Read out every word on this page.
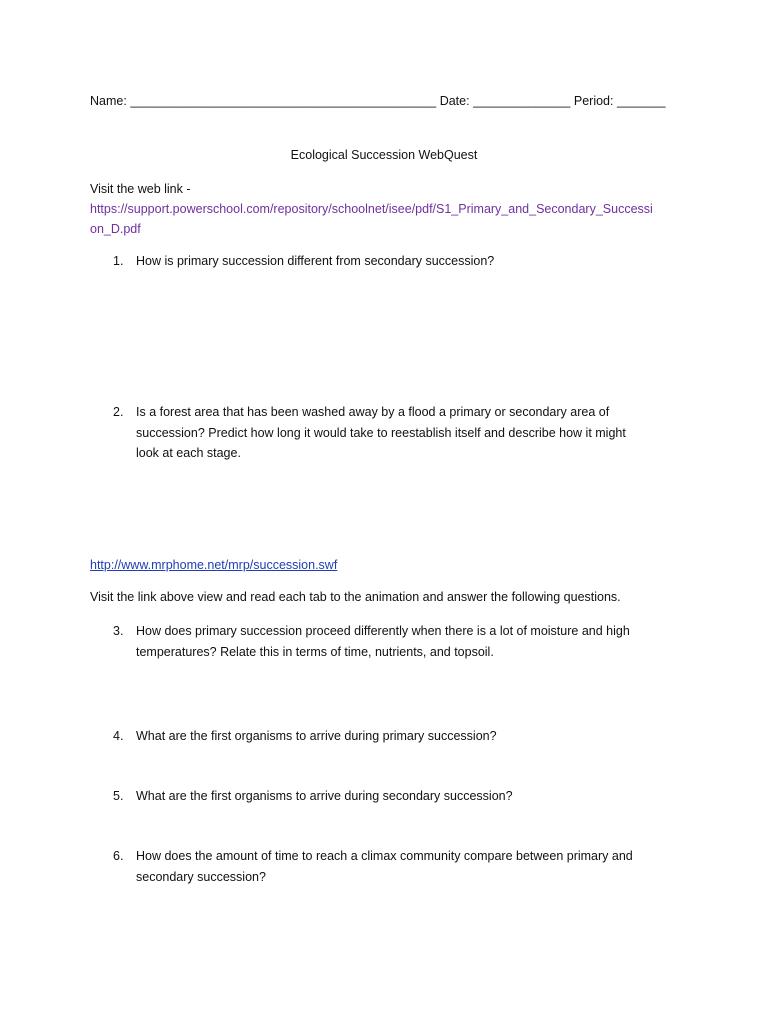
Name: ____________________________________________ Date: ______________ Period: _______
Ecological Succession WebQuest
Visit the web link -
https://support.powerschool.com/repository/schoolnet/isee/pdf/S1_Primary_and_Secondary_Successi
on_D.pdf
1. How is primary succession different from secondary succession?
2. Is a forest area that has been washed away by a flood a primary or secondary area of
succession? Predict how long it would take to reestablish itself and describe how it might
look at each stage.
http://www.mrphome.net/mrp/succession.swf
Visit the link above view and read each tab to the animation and answer the following questions.
3. How does primary succession proceed differently when there is a lot of moisture and high
temperatures? Relate this in terms of time, nutrients, and topsoil.
4. What are the first organisms to arrive during primary succession?
5. What are the first organisms to arrive during secondary succession?
6. How does the amount of time to reach a climax community compare between primary and
secondary succession?
